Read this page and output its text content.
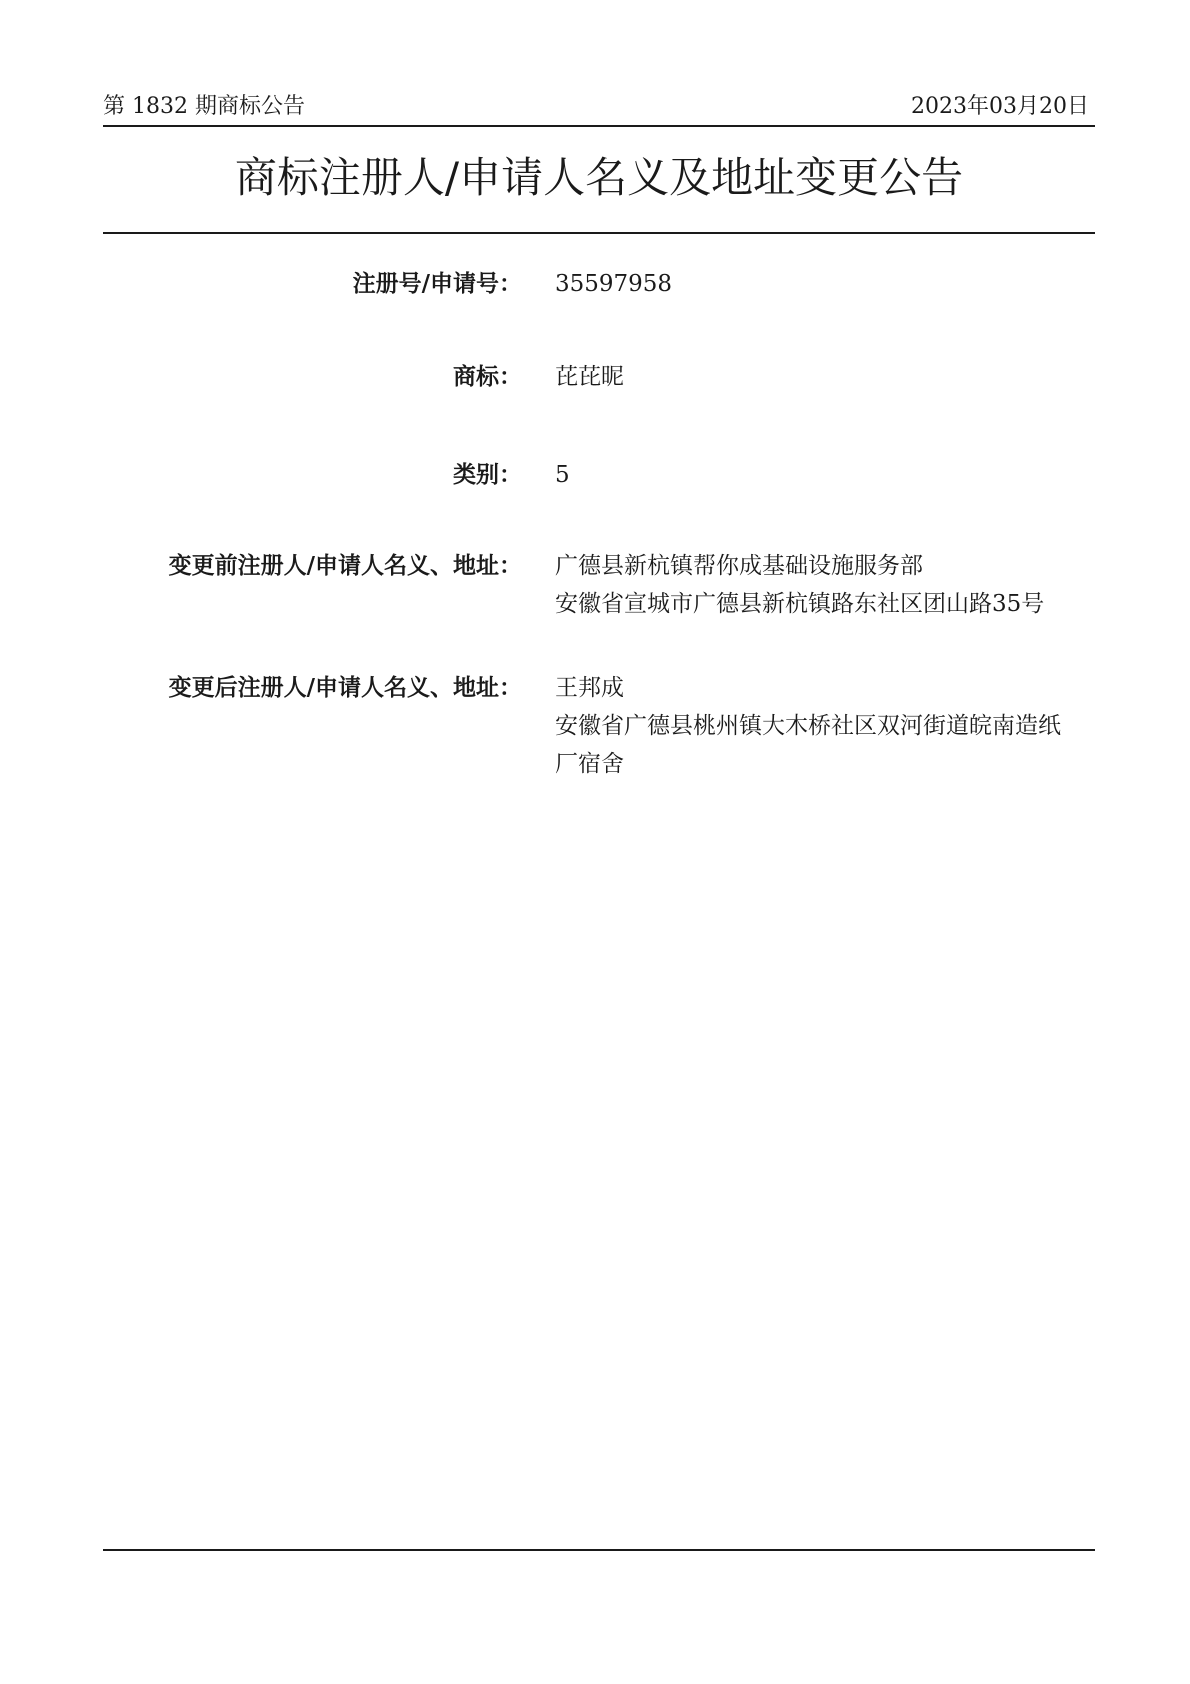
第 1832 期商标公告	2023年03月20日
商标注册人/申请人名义及地址变更公告
注册号/申请号： 35597958
商标： 芘芘昵
类别： 5
变更前注册人/申请人名义、地址： 广德县新杭镇帮你成基础设施服务部
安徽省宣城市广德县新杭镇路东社区团山路35号
变更后注册人/申请人名义、地址： 王邦成
安徽省广德县桃州镇大木桥社区双河街道皖南造纸
厂宿舍
